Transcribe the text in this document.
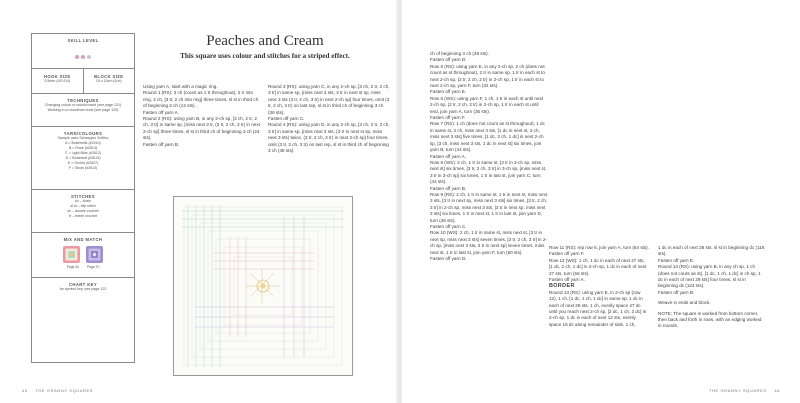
SKILL LEVEL
HOOK SIZE
3.5mm (US E/4)
BLOCK SIZE
15 x 15cm (6 in)
TECHNIQUES
Changing colour or round/rowed (see page 121)
Working in a round/row ends (see page 125)
YARN/COLOURS
Sample uses Scheepjes Softfun
A = Buttermilk (#2410)
B = Rose (#2614)
C = Light Blue (#2612)
D = Botanical (#2613)
E = Orchid (#2627)
F = Snow (#2612)
STITCHES
ch – chain
sl st – slip stitch
dc – double crochet
tr – treble crochet
MIX AND MATCH
Page 34 Page 70
CHART KEY
for symbol key, see page 122
Peaches and Cream
This square uses colour and stitches for a striped effect.

Using yarn A, start with a magic ring.

Round 1 (RS): 3 ch (count as 1 tr throughout), 2 tr into ring, 2 ch, [3 tr, 2 ch into ring] three times, sl st in third ch of beginning 3 ch (12 sts).

Fasten off yarn A.

Round 2 (RS): using yarn B, in any 2-ch sp, [3 ch, 2 tr, 2 ch, 3 tr] in same sp, [miss next 3 tr, (3 tr, 2 ch, 3 tr) in next 2-ch sp] three times, sl st in third ch of beginning 3 ch (24 sts).

Fasten off yarn B.

Round 3 (RS): using yarn C, in any 2-ch sp, [3 ch, 2 tr, 2 ch, 3 tr] in same sp, [miss next 3 sts, 3 tr in next st sp, miss next 3 sts (3 tr, 2 ch, 3 tr) in next 2-ch sp] four times, omit (3 tr, 2 ch, 3 tr) on last rep, sl st in third ch of beginning 3 ch (36 sts).

Fasten off yarn C.

Round 4 (RS): using yarn D, in any 2-ch sp, [3 ch, 2 tr, 2 ch, 3 tr] in same sp, [miss next 3 sts, (3 tr in next st sp, miss next 3 sts) twice, (3 tr, 2 ch, 3 tr) in next 2-ch sp] four times, omit (3 tr, 2 ch, 3 tr) on last rep, sl st in third ch of beginning 3 ch (48 sts).

46 THE GRANNY SQUARES

ch of beginning 3 ch (48 sts).

Fasten off yarn D.

Row 5 (RS): using yarn E, in any 2-ch sp, 2 ch (does not count as st throughout), 2 tr in same sp, 1 tr in each st to next 2-ch sp, (2 tr, 2 ch, 2 tr) in 2-ch sp, 1 tr in each st to next 2-ch sp, yarn F, turn (32 sts).

Fasten off yarn E.

Row 6 (WS): using yarn F, 1 ch, 1 tr in each st until next 2-ch sp, (2 tr, 2 ch, 2 tr) in 2-ch sp, 1 tr in each st until end, join yarn A, turn (36 sts).

Fasten off yarn F.

Row 7 (RS): 1 ch (does not count as st throughout), 1 dc in same st, 3 ch, miss next 3 sts, [1 dc in next st, 3 ch, miss next 3 sts] five times, [1 dc, 3 ch, 1 dc] in next 2-ch sp, [3 ch, miss next 3 sts, 1 dc in next st] six times, join yarn B, turn (44 sts).

Fasten off yarn A.

Row 8 (WS): 2 ch, 1 tr in same st, [3 tr in 3-ch sp, miss next st] six times, [3 tr, 2 ch, 3 tr] in 3-ch sp, [miss next st, 3 tr in 3-ch sp] six times, 1 tr in last st, join yarn C, turn (44 sts).

Fasten off yarn B.

Row 9 (RS): 2 ch, 1 tr in same st, 1 tr in next st, miss next 3 sts, [3 tr in next sp, miss next 3 sts] six times, [3 tr, 2 ch, 3 tr] in 2-ch sp, miss next 3 sts, [3 tr in next sp, miss next 3 sts] six times, 1 tr in next st, 1 tr in last st, join yarn D, turn (46 sts).

Fasten off yarn C.

Row 10 (WS): 2 ch, 1 tr in same st, miss next st, [3 tr in next sp, miss next 3 sts] seven times, [3 tr, 2 ch, 3 tr] in 2-ch sp, [miss next 3 sts, 3 tr in next sp] seven times, miss next st, 1 tr in last st, join yarn F, turn (50 sts).

Fasten off yarn D.

Row 11 (RS): rep row 6, join yarn A, turn (54 sts).

Fasten off yarn F.

Row 12 (WS): 1 ch, 1 dc in each of next 27 sts, [1 dc, 2 ch, 1 dc] in 2-ch sp, 1 dc in each of next 27 sts, turn (56 sts).

Fasten off yarn A.

BORDER

Round 13 (RS): using yarn E, in 2-ch sp (row 12), 1 ch, [1 dc, 1 ch, 1 dc] in same sp, 1 dc in each of next 28 sts, 1 ch, evenly space 27 dc until you reach next 2-ch sp, [2 dc, 1 ch, 2 dc] in 2-ch sp, 1 dc in each of next 12 sts, evenly space 15 dc along remainder of side, 1 ch,

1 dc in each of next 28 sts, sl st in beginning dc (116 sts).

Fasten off yarn E.

Round 14 (RS): using yarn B, in any ch sp, 1 ch (does not count as st), [1 dc, 1 ch, 1 dc] in ch sp, 1 dc in each of next 29 sts] four times, sl st in beginning dc (124 sts).

Fasten off yarn B.

Weave in ends and block.

NOTE: The square is worked from bottom corner, then back and forth in rows, with an edging worked in rounds.

THE GRANNY SQUARES 46
